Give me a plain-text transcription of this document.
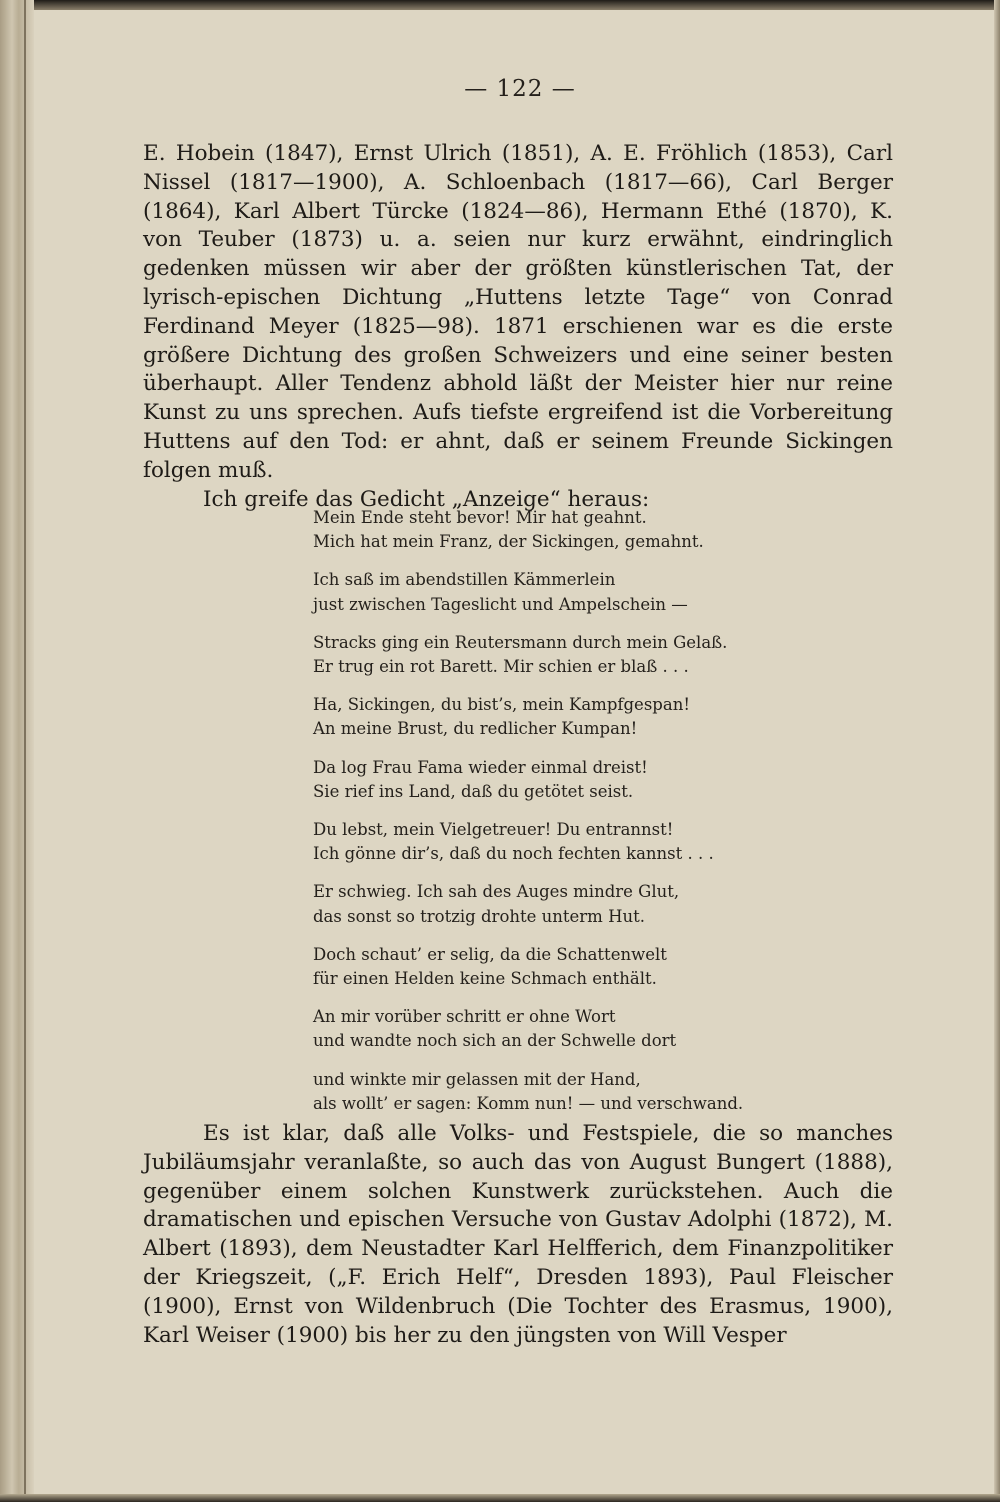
— 122 —

E. Hobein (1847), Ernst Ulrich (1851), A. E. Fröhlich (1853), Carl Nissel (1817—1900), A. Schloenbach (1817—66), Carl Berger (1864), Karl Albert Türcke (1824—86), Hermann Ethé (1870), K. von Teuber (1873) u. a. seien nur kurz erwähnt, eindringlich gedenken müssen wir aber der größten künstlerischen Tat, der lyrisch-epischen Dichtung „Huttens letzte Tage“ von Conrad Ferdinand Meyer (1825—98). 1871 erschienen war es die erste größere Dichtung des großen Schweizers und eine seiner besten überhaupt. Aller Tendenz abhold läßt der Meister hier nur reine Kunst zu uns sprechen. Aufs tiefste ergreifend ist die Vorbereitung Huttens auf den Tod: er ahnt, daß er seinem Freunde Sickingen folgen muß.

Ich greife das Gedicht „Anzeige“ heraus:

Mein Ende steht bevor! Mir hat geahnt.
Mich hat mein Franz, der Sickingen, gemahnt.
Ich saß im abendstillen Kämmerlein
just zwischen Tageslicht und Ampelschein —
Stracks ging ein Reutersmann durch mein Gelaß.
Er trug ein rot Barett. Mir schien er blaß . . .
Ha, Sickingen, du bist’s, mein Kampfgespan!
An meine Brust, du redlicher Kumpan!
Da log Frau Fama wieder einmal dreist!
Sie rief ins Land, daß du getötet seist.
Du lebst, mein Vielgetreuer! Du entrannst!
Ich gönne dir’s, daß du noch fechten kannst . . .
Er schwieg. Ich sah des Auges mindre Glut,
das sonst so trotzig drohte unterm Hut.
Doch schaut’ er selig, da die Schattenwelt
für einen Helden keine Schmach enthält.
An mir vorüber schritt er ohne Wort
und wandte noch sich an der Schwelle dort
und winkte mir gelassen mit der Hand,
als wollt’ er sagen: Komm nun! — und verschwand.

Es ist klar, daß alle Volks- und Festspiele, die so manches Jubiläumsjahr veranlaßte, so auch das von August Bungert (1888), gegenüber einem solchen Kunstwerk zurückstehen. Auch die dramatischen und epischen Versuche von Gustav Adolphi (1872), M. Albert (1893), dem Neustadter Karl Helfferich, dem Finanzpolitiker der Kriegszeit, („F. Erich Helf“, Dresden 1893), Paul Fleischer (1900), Ernst von Wildenbruch (Die Tochter des Erasmus, 1900), Karl Weiser (1900) bis her zu den jüngsten von Will Vesper
